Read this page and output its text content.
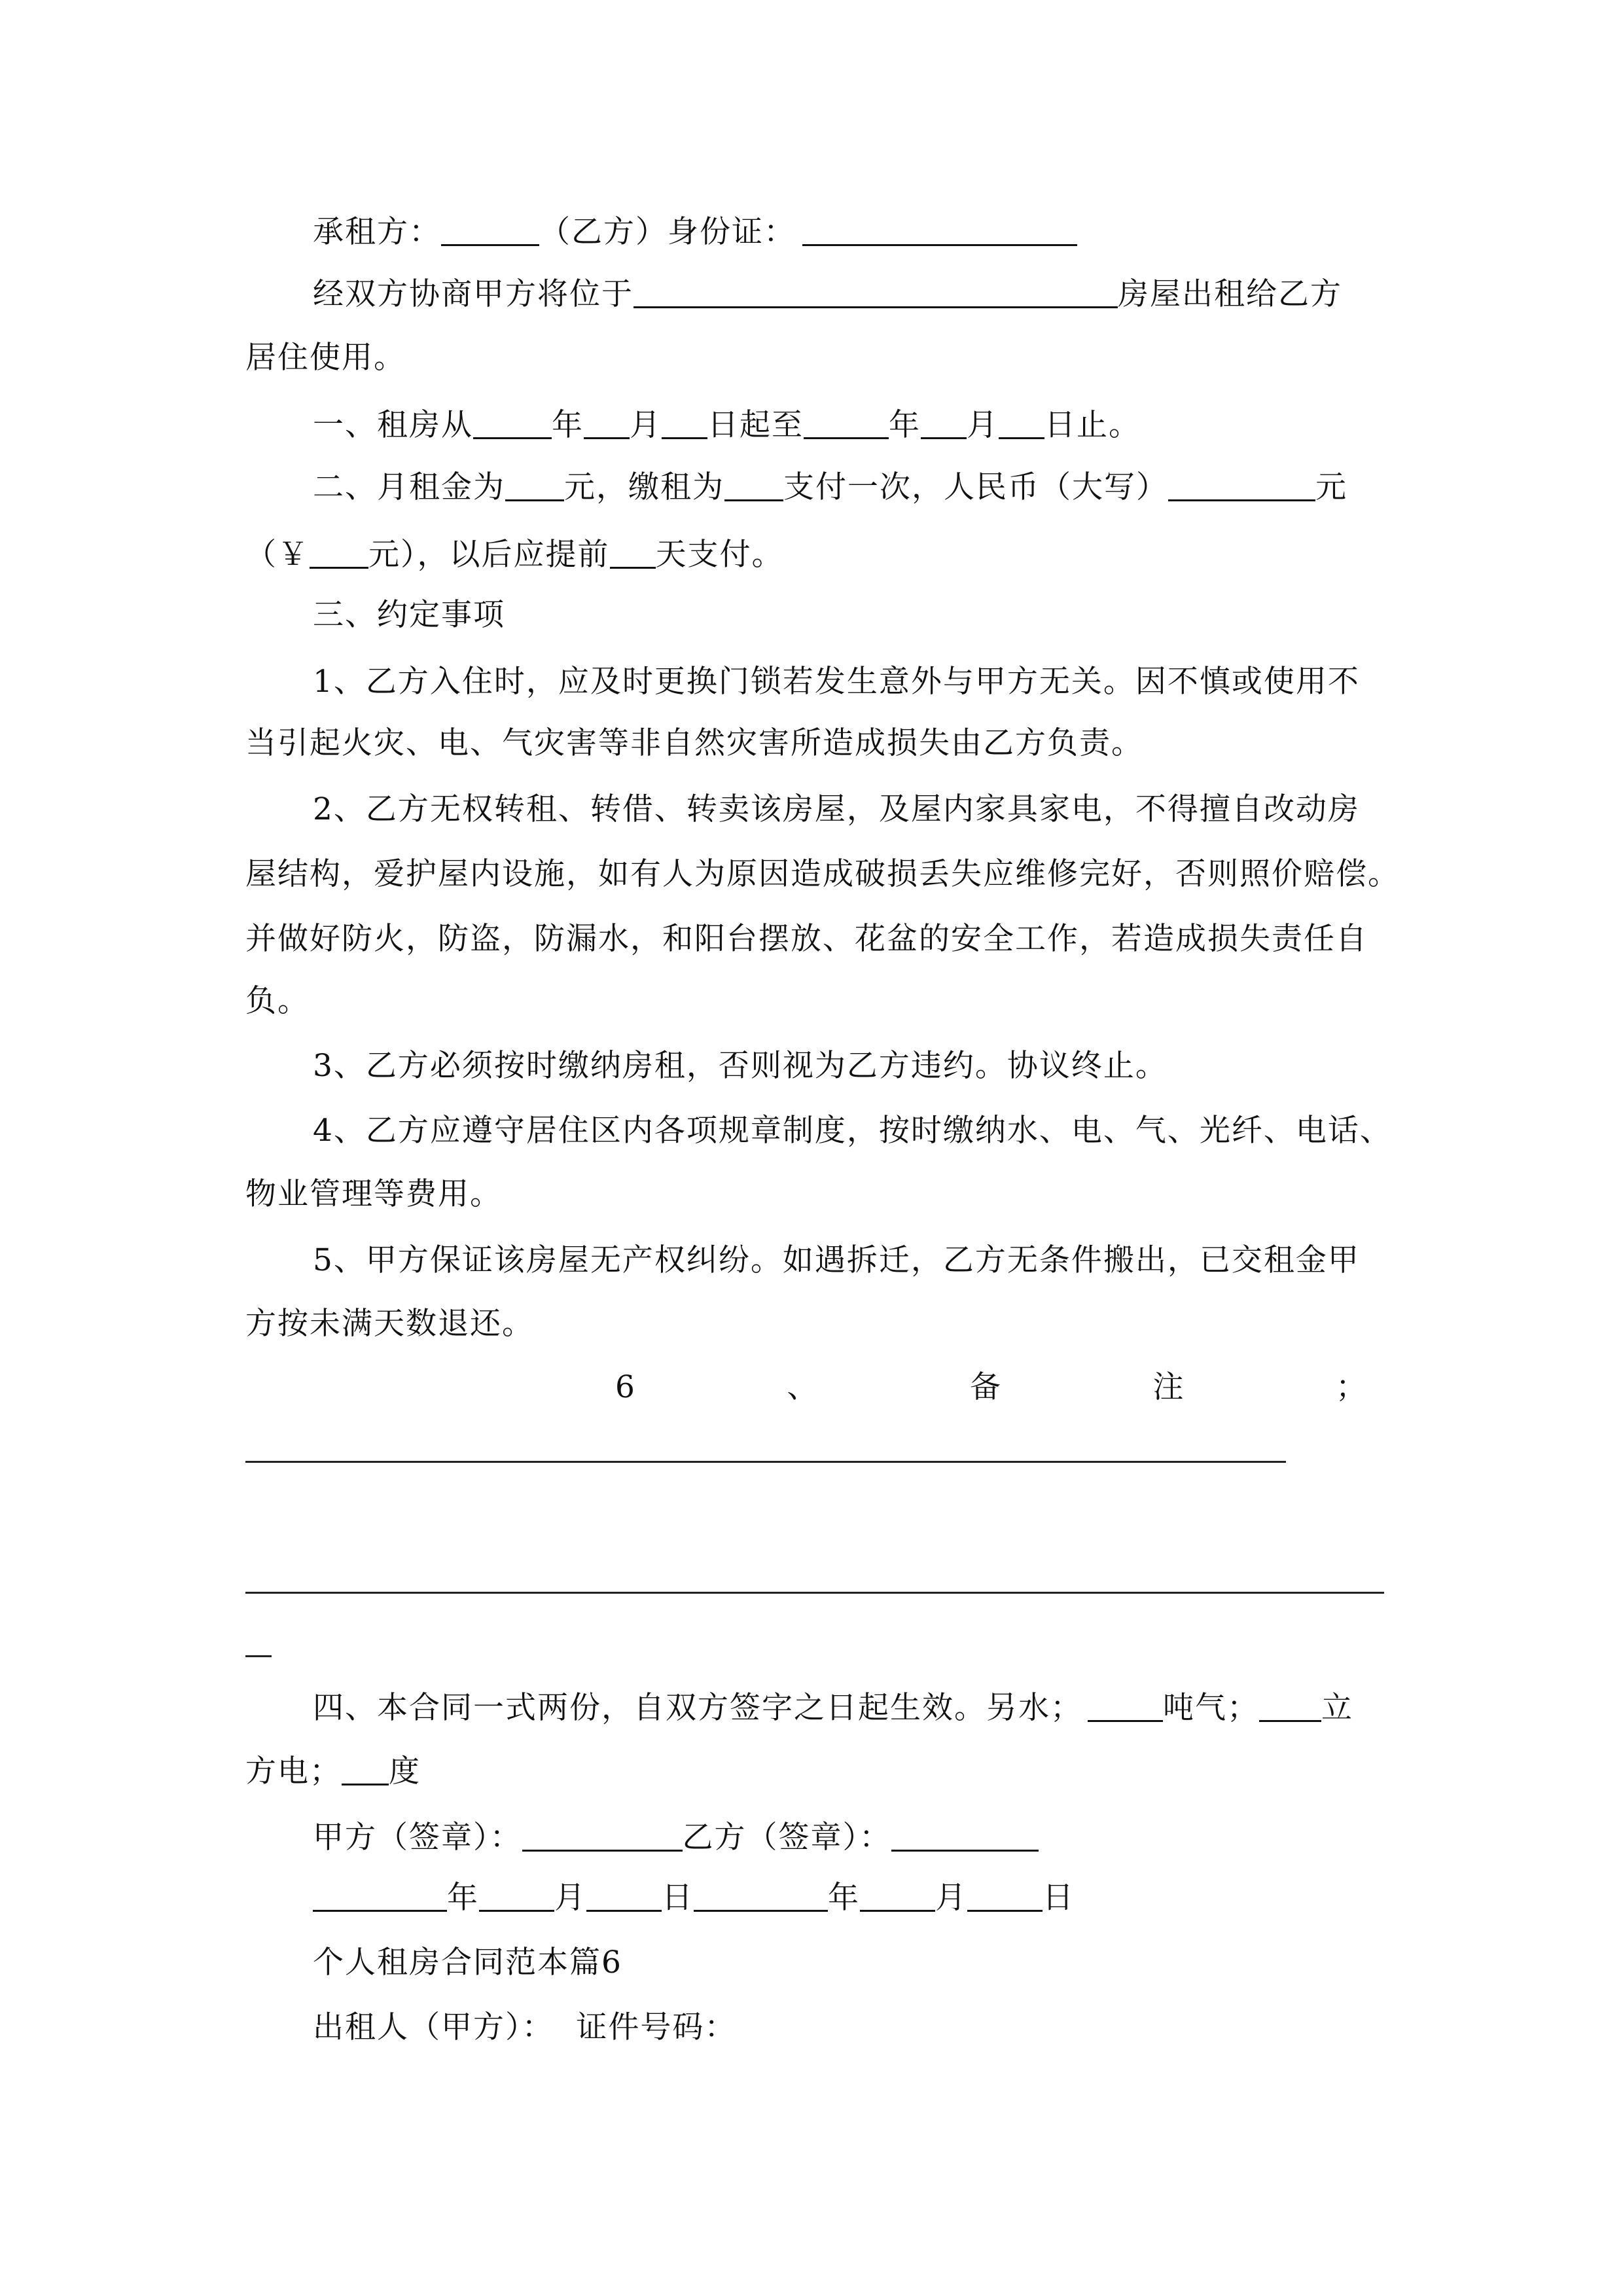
承租方：	（乙方）身份证：
经双方协商甲方将位于	房屋出租给乙方
居住使用。
一、租房从	年 月 日起至	年 月 日止。
二、月租金为 元，缴租为 支付一次，人民币（大写）	元
（￥ 元），以后应提前 天支付。
三、约定事项
1、乙方入住时，应及时更换门锁若发生意外与甲方无关。因不慎或使用不
当引起火灾、电、气灾害等非自然灾害所造成损失由乙方负责。
2、乙方无权转租、转借、转卖该房屋，及屋内家具家电，不得擅自改动房
屋结构，爱护屋内设施，如有人为原因造成破损丢失应维修完好，否则照价赔偿。
并做好防火，防盗，防漏水，和阳台摆放、花盆的安全工作，若造成损失责任自
负。
3、乙方必须按时缴纳房租，否则视为乙方违约。协议终止。
4、乙方应遵守居住区内各项规章制度，按时缴纳水、电、气、光纤、电话、
物业管理等费用。
5、甲方保证该房屋无产权纠纷。如遇拆迁，乙方无条件搬出，已交租金甲
方按未满天数退还。
6	、	备	注	；
四、本合同一式两份，自双方签字之日起生效。另水；	吨气； 立
方电； 度
甲方（签章）：	乙方（签章）：
年 月 日	年 月 日
个人租房合同范本篇6
出租人（甲方）：  证件号码：
